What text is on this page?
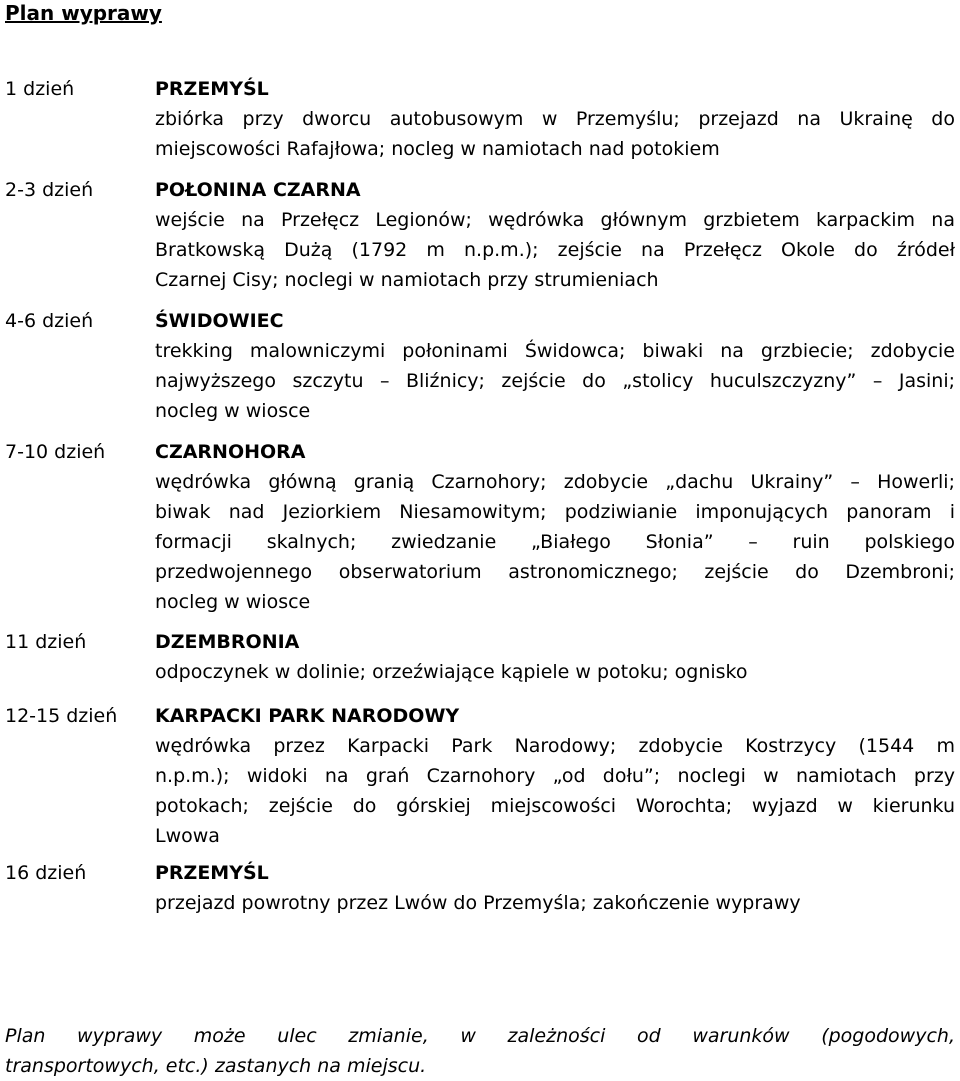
Plan wyprawy
1 dzień	PRZEMYŚL
zbiórka przy dworcu autobusowym w Przemyślu; przejazd na Ukrainę do
miejscowości Rafajłowa; nocleg w namiotach nad potokiem
2-3 dzień	POŁONINA CZARNA
wejście na Przełęcz Legionów; wędrówka głównym grzbietem karpackim na
Bratkowską Dużą (1792 m n.p.m.); zejście na Przełęcz Okole do źródeł
Czarnej Cisy; noclegi w namiotach przy strumieniach
4-6 dzień	ŚWIDOWIEC
trekking malowniczymi połoninami Świdowca; biwaki na grzbiecie; zdobycie
najwyższego szczytu – Bliźnicy; zejście do „stolicy huculszczyzny” – Jasini;
nocleg w wiosce
7-10 dzień	CZARNOHORA
wędrówka główną granią Czarnohory; zdobycie „dachu Ukrainy” – Howerli;
biwak nad Jeziorkiem Niesamowitym; podziwianie imponujących panoram i
formacji skalnych; zwiedzanie „Białego Słonia” – ruin polskiego
przedwojennego obserwatorium astronomicznego; zejście do Dzembroni;
nocleg w wiosce
11 dzień	DZEMBRONIA
odpoczynek w dolinie; orzeźwiające kąpiele w potoku; ognisko
12-15 dzień KARPACKI PARK NARODOWY
wędrówka przez Karpacki Park Narodowy; zdobycie Kostrzycy (1544 m
n.p.m.); widoki na grań Czarnohory „od dołu”; noclegi w namiotach przy
potokach; zejście do górskiej miejscowości Worochta; wyjazd w kierunku
Lwowa
16 dzień	PRZEMYŚL
przejazd powrotny przez Lwów do Przemyśla; zakończenie wyprawy
Plan wyprawy może ulec zmianie, w zależności od warunków (pogodowych,
transportowych, etc.) zastanych na miejscu.
